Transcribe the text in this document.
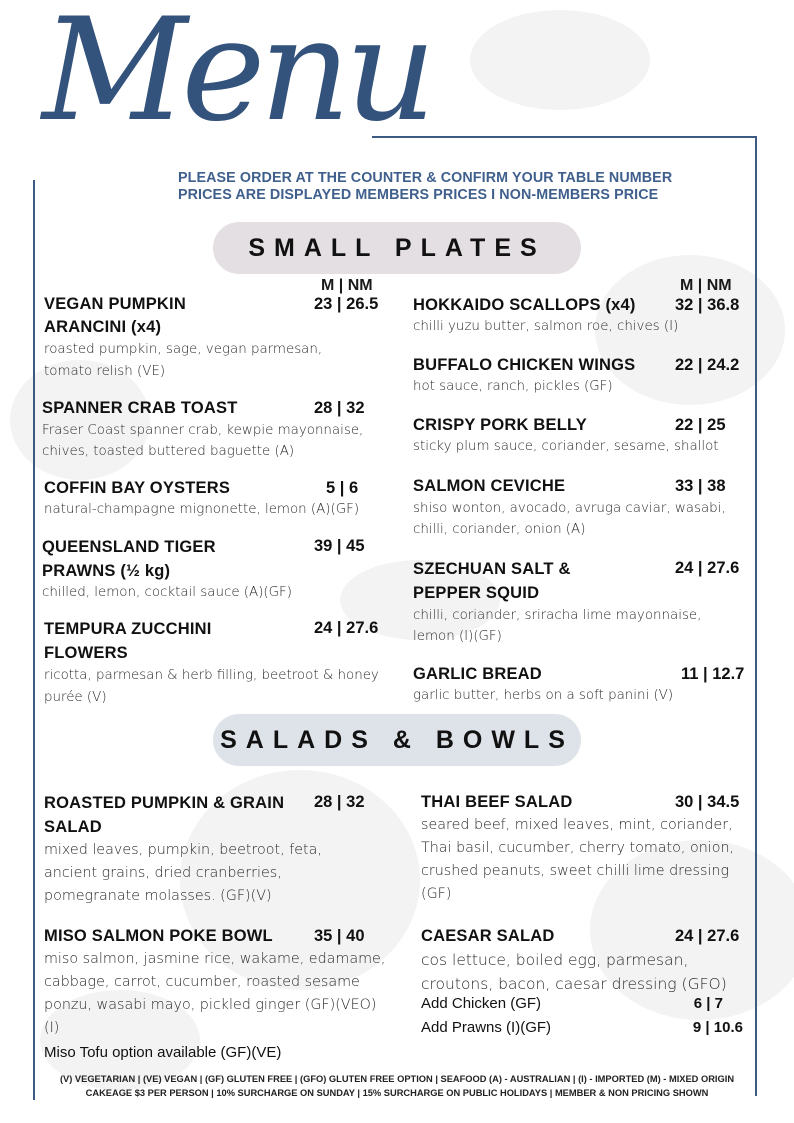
Menu
PLEASE ORDER AT THE COUNTER & CONFIRM YOUR TABLE NUMBER
PRICES ARE DISPLAYED MEMBERS PRICES I NON-MEMBERS PRICE
SMALL PLATES
M | NM	M | NM
VEGAN PUMPKIN ARANCINI (x4)
23 | 26.5
roasted pumpkin, sage, vegan parmesan, tomato relish (VE)
SPANNER CRAB TOAST	28 | 32
Fraser Coast spanner crab, kewpie mayonnaise, chives, toasted buttered baguette (A)
COFFIN BAY OYSTERS	5 | 6
natural-champagne mignonette, lemon (A)(GF)
QUEENSLAND TIGER PRAWNS (½ kg)
39 | 45
chilled, lemon, cocktail sauce (A)(GF)
TEMPURA ZUCCHINI FLOWERS
24 | 27.6
ricotta, parmesan & herb filling, beetroot & honey purée (V)
HOKKAIDO SCALLOPS (x4)	32 | 36.8
chilli yuzu butter, salmon roe, chives (I)
BUFFALO CHICKEN WINGS	22 | 24.2
hot sauce, ranch, pickles (GF)
CRISPY PORK BELLY	22 | 25
sticky plum sauce, coriander, sesame, shallot
SALMON CEVICHE	33 | 38
shiso wonton, avocado, avruga caviar, wasabi, chilli, coriander, onion (A)
SZECHUAN SALT & PEPPER SQUID
24 | 27.6
chilli, coriander, sriracha lime mayonnaise, lemon (I)(GF)
GARLIC BREAD	11 | 12.7
garlic butter, herbs on a soft panini (V)
SALADS & BOWLS
ROASTED PUMPKIN & GRAIN SALAD
28 | 32
mixed leaves, pumpkin, beetroot, feta, ancient grains, dried cranberries, pomegranate molasses. (GF)(V)
MISO SALMON POKE BOWL	35 | 40
miso salmon, jasmine rice, wakame, edamame, cabbage, carrot, cucumber, roasted sesame ponzu, wasabi mayo, pickled ginger (GF)(VEO)(I)
Miso Tofu option available (GF)(VE)
THAI BEEF SALAD	30 | 34.5
seared beef, mixed leaves, mint, coriander, Thai basil, cucumber, cherry tomato, onion, crushed peanuts, sweet chilli lime dressing (GF)
CAESAR SALAD	24 | 27.6
cos lettuce, boiled egg, parmesan, croutons, bacon, caesar dressing (GFO)
Add Chicken (GF)	6 | 7
Add Prawns (I)(GF)	9 | 10.6
(V) VEGETARIAN | (VE) VEGAN | (GF) GLUTEN FREE | (GFO) GLUTEN FREE OPTION | SEAFOOD (A) - AUSTRALIAN | (I) - IMPORTED (M) - MIXED ORIGIN
CAKEAGE $3 PER PERSON | 10% SURCHARGE ON SUNDAY | 15% SURCHARGE ON PUBLIC HOLIDAYS | MEMBER & NON PRICING SHOWN
